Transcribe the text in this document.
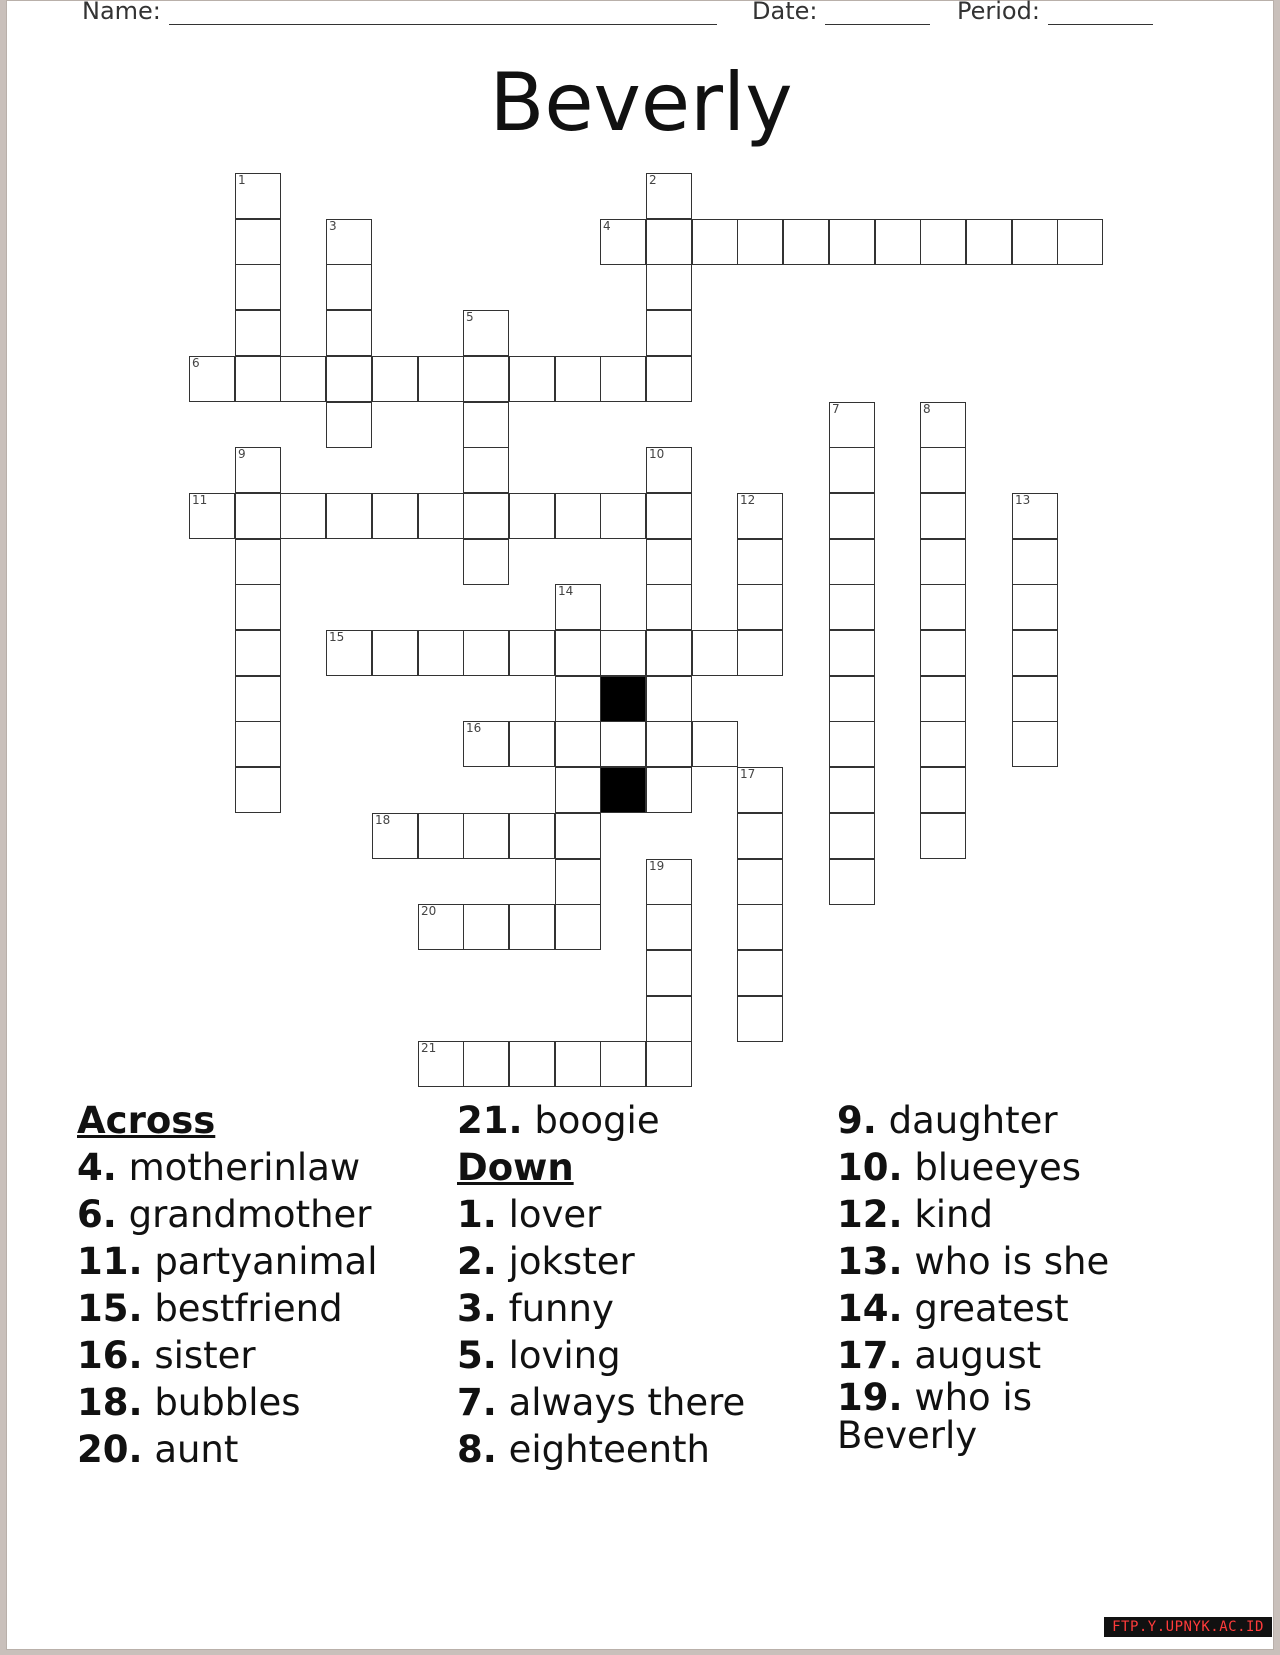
Name:	Date:	Period:
Beverly
1	2
3	4
5
6
7	8
9	10
11	12	13
14
15
16
17
18
19
20
21
Across
4. motherinlaw
6. grandmother
11. partyanimal
15. bestfriend
16. sister
18. bubbles
20. aunt
21. boogie
Down
1. lover
2. jokster
3. funny
5. loving
7. always there
8. eighteenth
9. daughter
10. blueeyes
12. kind
13. who is she
14. greatest
17. august
19. who is Beverly
FTP.Y.UPNYK.AC.ID
